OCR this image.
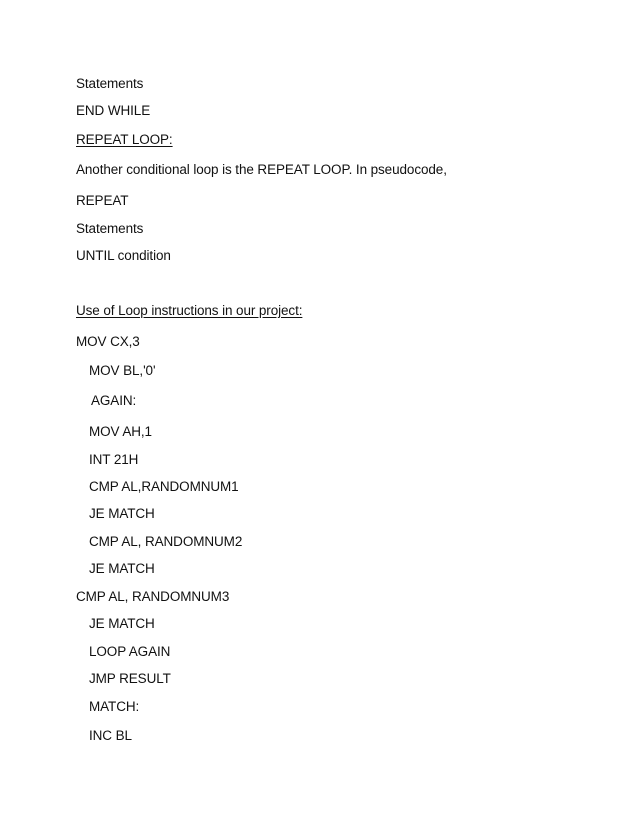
Statements
END WHILE
REPEAT LOOP:
Another conditional loop is the REPEAT LOOP. In pseudocode,
REPEAT
Statements
UNTIL condition
Use of Loop instructions in our project:
MOV CX,3
MOV BL,'0'
AGAIN:
MOV AH,1
INT 21H
CMP AL,RANDOMNUM1
JE MATCH
CMP AL, RANDOMNUM2
JE MATCH
CMP AL, RANDOMNUM3
JE MATCH
LOOP AGAIN
JMP RESULT
MATCH:
INC BL
